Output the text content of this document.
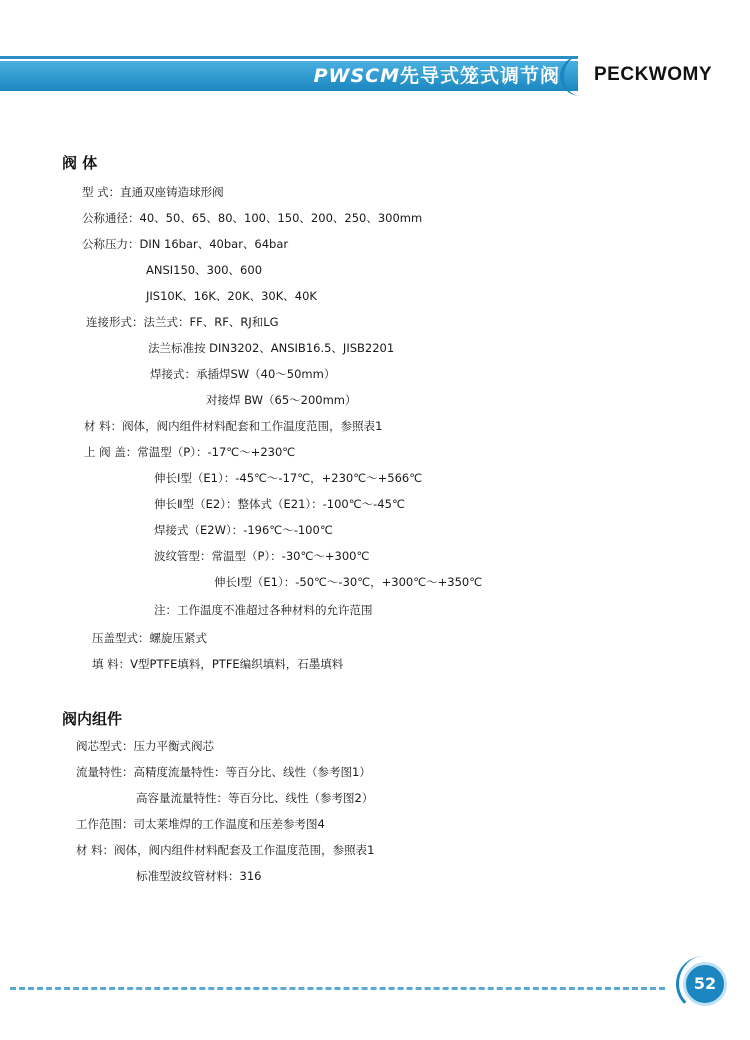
PWSCM先导式笼式调节阀 PECKWOMY
阀 体
型 式：直通双座铸造球形阀
公称通径：40、50、65、80、100、150、200、250、300mm
公称压力：DIN 16bar、40bar、64bar
ANSI150、300、600
JIS10K、16K、20K、30K、40K
连接形式：法兰式：FF、RF、RJ和LG
法兰标准按 DIN3202、ANSIB16.5、JISB2201
焊接式：承插焊SW（40～50mm）
对接焊 BW（65～200mm）
材 料：阀体，阀内组件材料配套和工作温度范围，参照表1
上 阀 盖：常温型（P）：-17℃～+230℃
伸长Ⅰ型（E1）：-45℃～-17℃，+230℃～+566℃
伸长Ⅱ型（E2）：整体式（E21）：-100℃～-45℃
焊接式（E2W）：-196℃～-100℃
波纹管型：常温型（P）：-30℃～+300℃
伸长Ⅰ型（E1）：-50℃～-30℃，+300℃～+350℃
注：工作温度不准超过各种材料的允许范围
压盖型式：螺旋压紧式
填 料：V型PTFE填料，PTFE编织填料，石墨填料
阀内组件
阀芯型式：压力平衡式阀芯
流量特性：高精度流量特性：等百分比、线性（参考图1）
高容量流量特性：等百分比、线性（参考图2）
工作范围：司太莱堆焊的工作温度和压差参考图4
材 料：阀体，阀内组件材料配套及工作温度范围，参照表1
标准型波纹管材料：316
52
